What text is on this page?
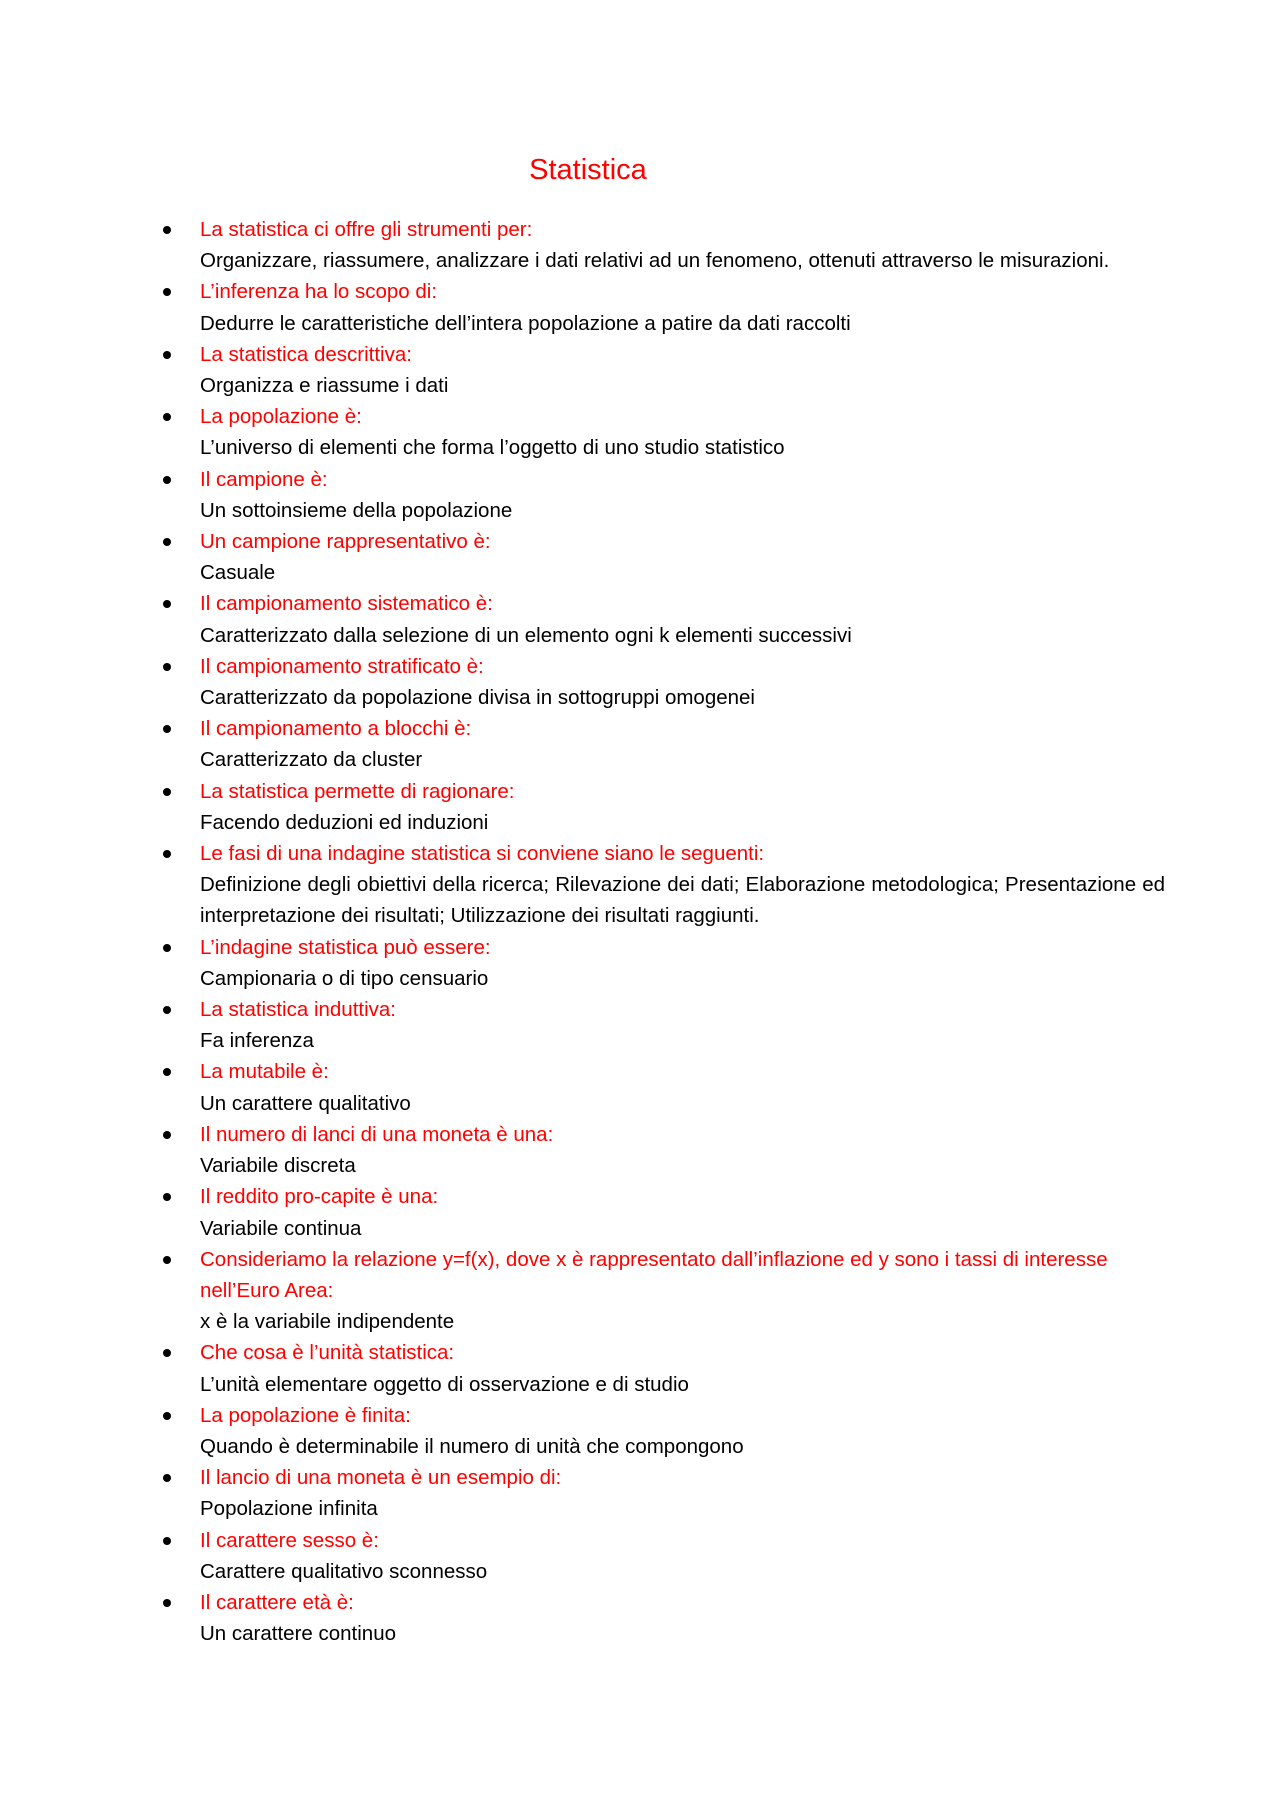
Statistica
La statistica ci offre gli strumenti per:
Organizzare, riassumere, analizzare i dati relativi ad un fenomeno, ottenuti attraverso le misurazioni.
L’inferenza ha lo scopo di:
Dedurre le caratteristiche dell’intera popolazione a patire da dati raccolti
La statistica descrittiva:
Organizza e riassume i dati
La popolazione è:
L’universo di elementi che forma l’oggetto di uno studio statistico
Il campione è:
Un sottoinsieme della popolazione
Un campione rappresentativo è:
Casuale
Il campionamento sistematico è:
Caratterizzato dalla selezione di un elemento ogni k elementi successivi
Il campionamento stratificato è:
Caratterizzato da popolazione divisa in sottogruppi omogenei
Il campionamento a blocchi è:
Caratterizzato da cluster
La statistica permette di ragionare:
Facendo deduzioni ed induzioni
Le fasi di una indagine statistica si conviene siano le seguenti:
Definizione degli obiettivi della ricerca; Rilevazione dei dati; Elaborazione metodologica; Presentazione ed interpretazione dei risultati; Utilizzazione dei risultati raggiunti.
L’indagine statistica può essere:
Campionaria o di tipo censuario
La statistica induttiva:
Fa inferenza
La mutabile è:
Un carattere qualitativo
Il numero di lanci di una moneta è una:
Variabile discreta
Il reddito pro-capite è una:
Variabile continua
Consideriamo la relazione y=f(x), dove x è rappresentato dall’inflazione ed y sono i tassi di interesse nell’Euro Area:
x è la variabile indipendente
Che cosa è l’unità statistica:
L’unità elementare oggetto di osservazione e di studio
La popolazione è finita:
Quando è determinabile il numero di unità che compongono
Il lancio di una moneta è un esempio di:
Popolazione infinita
Il carattere sesso è:
Carattere qualitativo sconnesso
Il carattere età è:
Un carattere continuo
